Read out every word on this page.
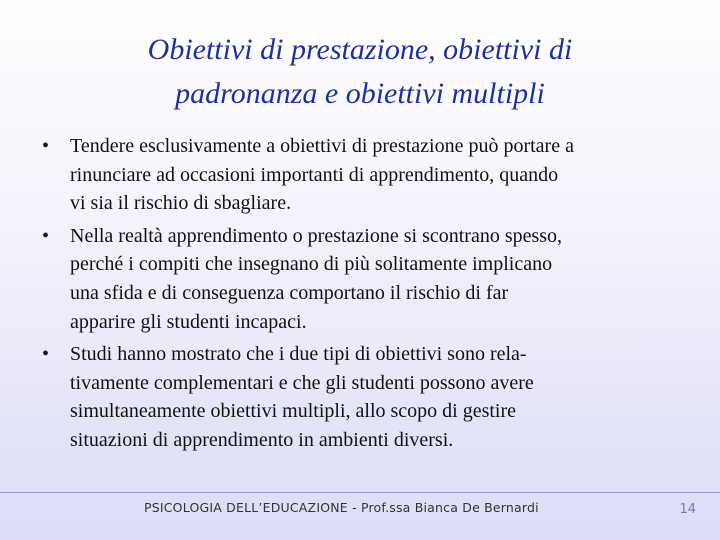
Obiettivi di prestazione, obiettivi di
padronanza e obiettivi multipli
• Tendere esclusivamente a obiettivi di prestazione può portare a
rinunciare ad occasioni importanti di apprendimento, quando
vi sia il rischio di sbagliare.
• Nella realtà apprendimento o prestazione si scontrano spesso,
perché i compiti che insegnano di più solitamente implicano
una sfida e di conseguenza comportano il rischio di far
apparire gli studenti incapaci.
• Studi hanno mostrato che i due tipi di obiettivi sono rela-
tivamente complementari e che gli studenti possono avere
simultaneamente obiettivi multipli, allo scopo di gestire
situazioni di apprendimento in ambienti diversi.
PSICOLOGIA DELL’EDUCAZIONE - Prof.ssa Bianca De Bernardi	14
